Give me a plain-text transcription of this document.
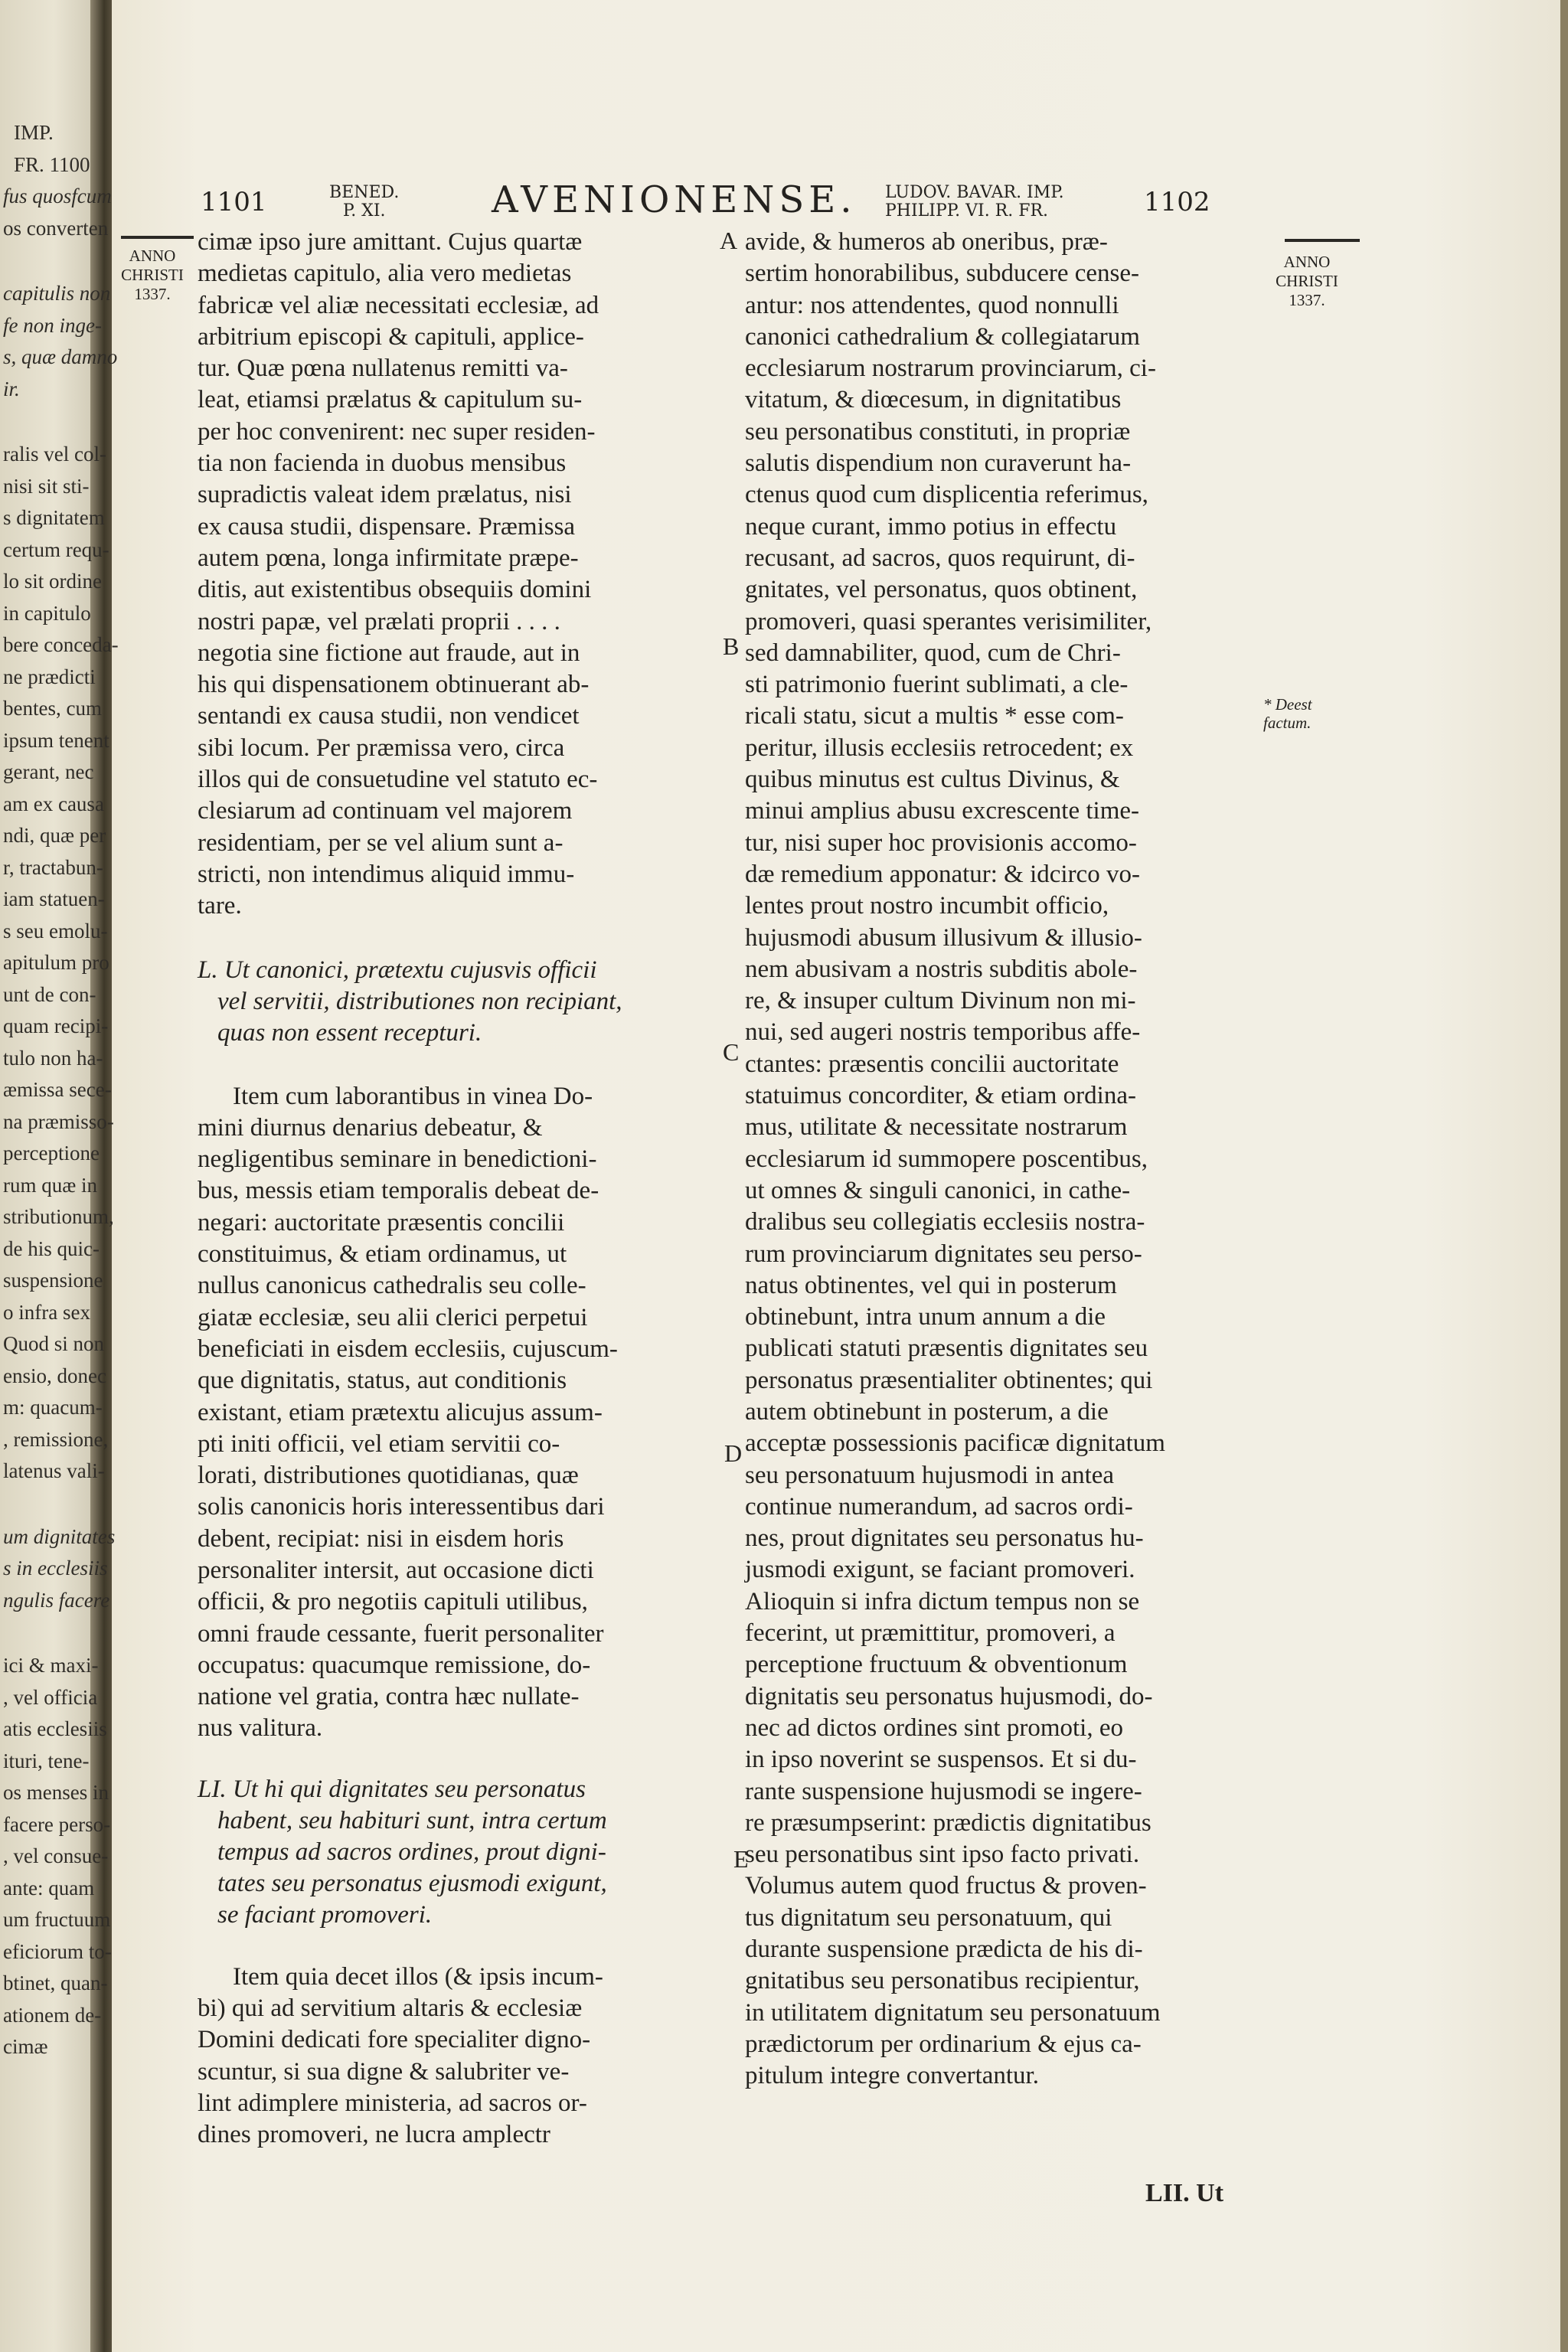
1101	BENED.
P. XI.	AVENIONENSE. LUDOV. BAVAR. IMP.
PHILIPP. VI. R. FR.	1102
ANNO
CHRISTI
1337.
ANNO
CHRISTI
1337.
A
B
C
D
E
* Deest
factum.
cimæ ipso jure amittant. Cujus quartæ
medietas capitulo, alia vero medietas
fabricæ vel aliæ necessitati ecclesiæ, ad
arbitrium episcopi & capituli, applice-
tur. Quæ pœna nullatenus remitti va-
leat, etiamsi prælatus & capitulum su-
per hoc convenirent: nec super residen-
tia non facienda in duobus mensibus
supradictis valeat idem prælatus, nisi
ex causa studii, dispensare. Præmissa
autem pœna, longa infirmitate præpe-
ditis, aut existentibus obsequiis domini
nostri papæ, vel prælati proprii . . . .
negotia sine fictione aut fraude, aut in
his qui dispensationem obtinuerant ab-
sentandi ex causa studii, non vendicet
sibi locum. Per præmissa vero, circa
illos qui de consuetudine vel statuto ec-
clesiarum ad continuam vel majorem
residentiam, per se vel alium sunt a-
stricti, non intendimus aliquid immu-
tare.
L. Ut canonici, prætextu cujusvis officii
vel servitii, distributiones non recipiant,
quas non essent recepturi.
Item cum laborantibus in vinea Do-
mini diurnus denarius debeatur, &
negligentibus seminare in benedictioni-
bus, messis etiam temporalis debeat de-
negari: auctoritate præsentis concilii
constituimus, & etiam ordinamus, ut
nullus canonicus cathedralis seu colle-
giatæ ecclesiæ, seu alii clerici perpetui
beneficiati in eisdem ecclesiis, cujuscum-
que dignitatis, status, aut conditionis
existant, etiam prætextu alicujus assum-
pti initi officii, vel etiam servitii co-
lorati, distributiones quotidianas, quæ
solis canonicis horis interessentibus dari
debent, recipiat: nisi in eisdem horis
personaliter intersit, aut occasione dicti
officii, & pro negotiis capituli utilibus,
omni fraude cessante, fuerit personaliter
occupatus: quacumque remissione, do-
natione vel gratia, contra hæc nullate-
nus valitura.
LI. Ut hi qui dignitates seu personatus
habent, seu habituri sunt, intra certum
tempus ad sacros ordines, prout digni-
tates seu personatus ejusmodi exigunt,
se faciant promoveri.
Item quia decet illos (& ipsis incum-
bi) qui ad servitium altaris & ecclesiæ
Domini dedicati fore specialiter digno-
scuntur, si sua digne & salubriter ve-
lint adimplere ministeria, ad sacros or-
dines promoveri, ne lucra amplectr
avide, & humeros ab oneribus, præ-
sertim honorabilibus, subducere cense-
antur: nos attendentes, quod nonnulli
canonici cathedralium & collegiatarum
ecclesiarum nostrarum provinciarum, ci-
vitatum, & diœcesum, in dignitatibus
seu personatibus constituti, in propriæ
salutis dispendium non curaverunt ha-
ctenus quod cum displicentia referimus,
neque curant, immo potius in effectu
recusant, ad sacros, quos requirunt, di-
gnitates, vel personatus, quos obtinent,
promoveri, quasi sperantes verisimiliter,
sed damnabiliter, quod, cum de Chri-
sti patrimonio fuerint sublimati, a cle-
ricali statu, sicut a multis * esse com-
peritur, illusis ecclesiis retrocedent; ex
quibus minutus est cultus Divinus, &
minui amplius abusu excrescente time-
tur, nisi super hoc provisionis accomo-
dæ remedium apponatur: & idcirco vo-
lentes prout nostro incumbit officio,
hujusmodi abusum illusivum & illusio-
nem abusivam a nostris subditis abole-
re, & insuper cultum Divinum non mi-
nui, sed augeri nostris temporibus affe-
ctantes: præsentis concilii auctoritate
statuimus concorditer, & etiam ordina-
mus, utilitate & necessitate nostrarum
ecclesiarum id summopere poscentibus,
ut omnes & singuli canonici, in cathe-
dralibus seu collegiatis ecclesiis nostra-
rum provinciarum dignitates seu perso-
natus obtinentes, vel qui in posterum
obtinebunt, intra unum annum a die
publicati statuti præsentis dignitates seu
personatus præsentialiter obtinentes; qui
autem obtinebunt in posterum, a die
acceptæ possessionis pacificæ dignitatum
seu personatuum hujusmodi in antea
continue numerandum, ad sacros ordi-
nes, prout dignitates seu personatus hu-
jusmodi exigunt, se faciant promoveri.
Alioquin si infra dictum tempus non se
fecerint, ut præmittitur, promoveri, a
perceptione fructuum & obventionum
dignitatis seu personatus hujusmodi, do-
nec ad dictos ordines sint promoti, eo
in ipso noverint se suspensos. Et si du-
rante suspensione hujusmodi se ingere-
re præsumpserint: prædictis dignitatibus
seu personatibus sint ipso facto privati.
Volumus autem quod fructus & proven-
tus dignitatum seu personatuum, qui
durante suspensione prædicta de his di-
gnitatibus seu personatibus recipientur,
in utilitatem dignitatum seu personatuum
prædictorum per ordinarium & ejus ca-
pitulum integre convertantur.
LII. Ut
IMP.
FR. 1100
fus quosfcum
os converten
capitulis non
fe non inge-
s, quæ damno
ir.
ralis vel col-
nisi sit sti-
s dignitatem
certum requ-
lo sit ordine
in capitulo
bere conceda-
ne prædicti
bentes, cum
ipsum tenent
gerant, nec
am ex causa
ndi, quæ per
r, tractabun-
iam statuen-
s seu emolu-
apitulum pro
unt de con-
quam recipi-
tulo non ha-
æmissa sece-
na præmisso-
perceptione
rum quæ in
stributionum,
de his quic-
suspensione
o infra sex
Quod si non
ensio, donec
m: quacum-
, remissione,
latenus vali-
um dignitates
s in ecclesiis
ngulis facere
ici & maxi-
, vel officia
atis ecclesiis
ituri, tene-
os menses in
facere perso-
, vel consue-
ante: quam
um fructuum
eficiorum to-
btinet, quan-
ationem de-
cimæ
